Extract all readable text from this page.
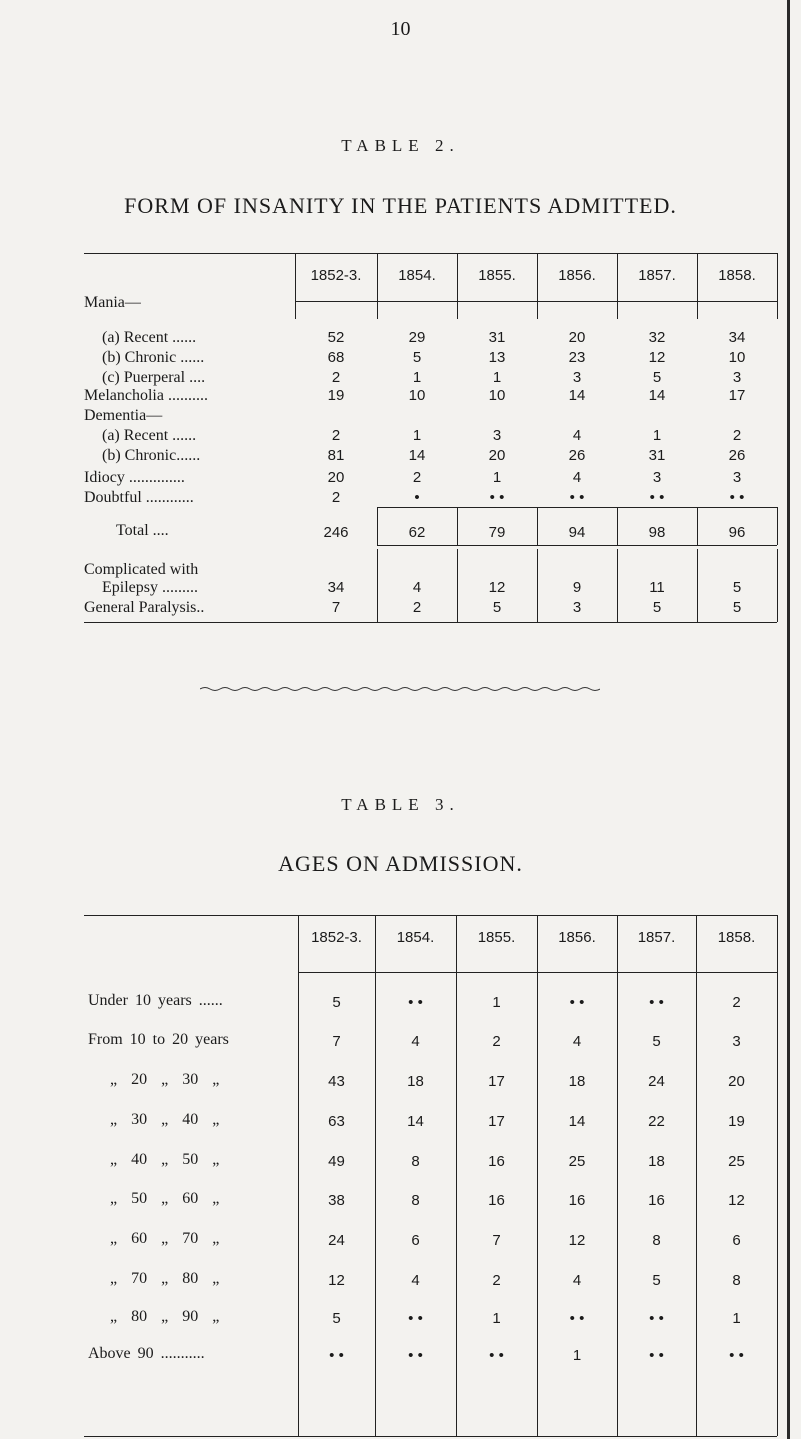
10
TABLE 2.
FORM OF INSANITY IN THE PATIENTS ADMITTED.
1852-3.	1854.	1855.	1856.	1857.	1858.
Mania—
(a) Recent ......	52	29	31	20	32	34
(b) Chronic ......	68	5	13	23	12	10
(c) Puerperal ....	2	1	1	3	5	3
Melancholia ..........	19	10	10	14	14	17
Dementia—
(a) Recent ......	2	1	3	4	1	2
(b) Chronic......	81	14	20	26	31	26
Idiocy ..............	20	2	1	4	3	3
Doubtful ............	2	•	• •	• •	• •	• •
Total ....	246	62	79	94	98	96
Complicated with
Epilepsy .........	34	4	12	9	11	5
General Paralysis..	7	2	5	3	5	5
TABLE 3.
AGES ON ADMISSION.
1852-3.	1854.	1855.	1856.	1857.	1858.
Under 10 years ......	5	• •	1	• •	• •	2
From 10 to 20 years	7	4	2	4	5	3
„ 20 „ 30 „	43	18	17	18	24	20
„ 30 „ 40 „	63	14	17	14	22	19
„ 40 „ 50 „	49	8	16	25	18	25
„ 50 „ 60 „	38	8	16	16	16	12
„ 60 „ 70 „	24	6	7	12	8	6
„ 70 „ 80 „	12	4	2	4	5	8
„ 80 „ 90 „	5	• •	1	• •	• •	1
Above 90 ...........	• •	• •	• •	1	• •	• •
